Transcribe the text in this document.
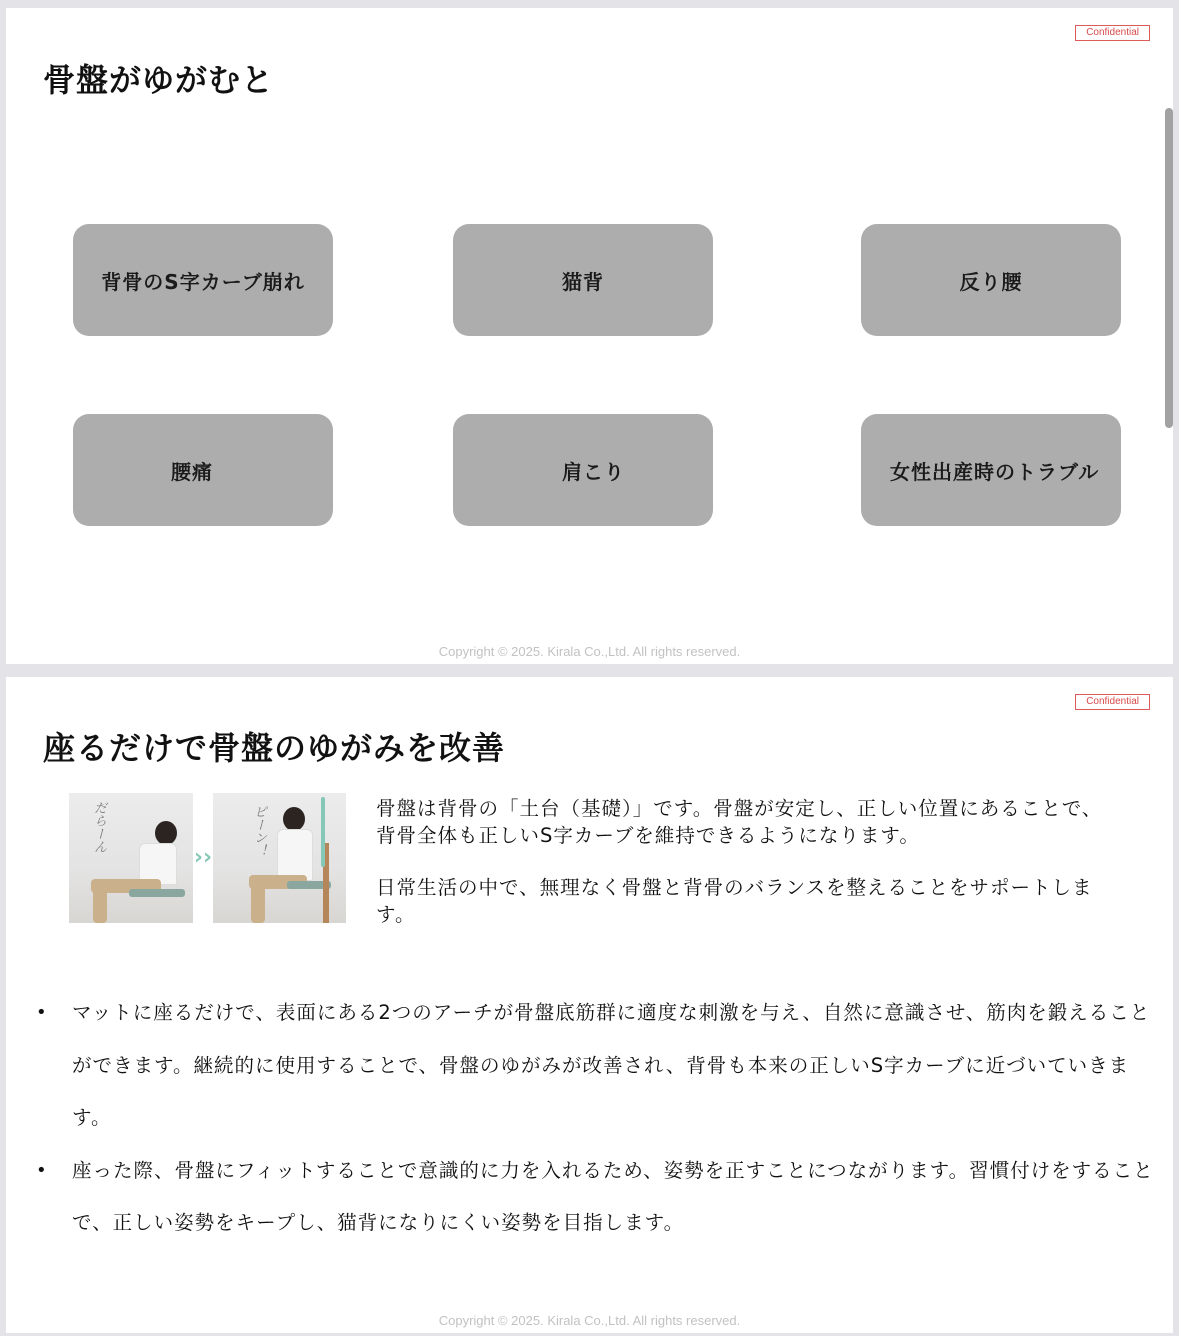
Confidential
骨盤がゆがむと
背骨のS字カーブ崩れ	猫背	反り腰
腰痛	肩こり	女性出産時のトラブル
Copyright © 2025. Kirala Co.,Ltd. All rights reserved.
Confidential
座るだけで骨盤のゆがみを改善
だらーん
››
ピーン！	骨盤は背骨の「土台（基礎）」です。骨盤が安定し、正しい位置にあることで、背骨全体も正しいS字カーブを維持できるようになります。

日常生活の中で、無理なく骨盤と背骨のバランスを整えることをサポートします。

• マットに座るだけで、表面にある2つのアーチが骨盤底筋群に適度な刺激を与え、自然に意識させ、筋肉を鍛えることができます。継続的に使用することで、骨盤のゆがみが改善され、背骨も本来の正しいS字カーブに近づいていきます。
• 座った際、骨盤にフィットすることで意識的に力を入れるため、姿勢を正すことにつながります。習慣付けをすることで、正しい姿勢をキープし、猫背になりにくい姿勢を目指します。
Copyright © 2025. Kirala Co.,Ltd. All rights reserved.
